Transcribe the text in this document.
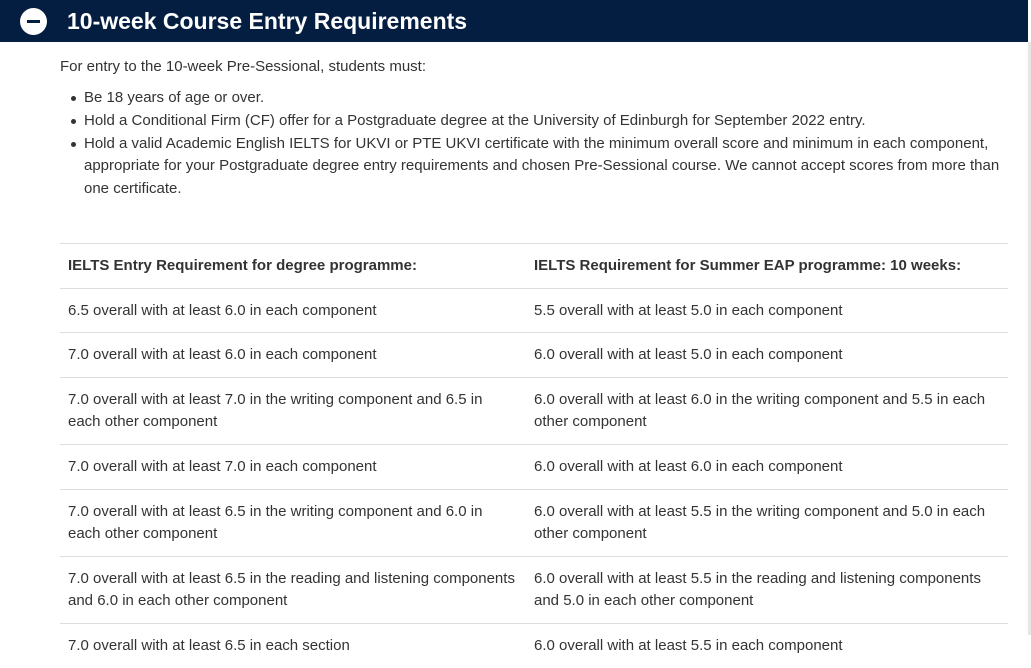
10-week Course Entry Requirements

For entry to the 10-week Pre-Sessional, students must:

Be 18 years of age or over.
Hold a Conditional Firm (CF) offer for a Postgraduate degree at the University of Edinburgh for September 2022 entry.
Hold a valid Academic English IELTS for UKVI or PTE UKVI certificate with the minimum overall score and minimum in each component, appropriate for your Postgraduate degree entry requirements and chosen Pre-Sessional course. We cannot accept scores from more than one certificate.
IELTS Entry Requirement for degree programme:	IELTS Requirement for Summer EAP programme: 10 weeks:
6.5 overall with at least 6.0 in each component	5.5 overall with at least 5.0 in each component
7.0 overall with at least 6.0 in each component	6.0 overall with at least 5.0 in each component
7.0 overall with at least 7.0 in the writing component and 6.5 in each other component	6.0 overall with at least 6.0 in the writing component and 5.5 in each other component
7.0 overall with at least 7.0 in each component	6.0 overall with at least 6.0 in each component
7.0 overall with at least 6.5 in the writing component and 6.0 in each other component	6.0 overall with at least 5.5 in the writing component and 5.0 in each other component
7.0 overall with at least 6.5 in the reading and listening components and 6.0 in each other component	6.0 overall with at least 5.5 in the reading and listening components and 5.0 in each other component
7.0 overall with at least 6.5 in each section	6.0 overall with at least 5.5 in each component
